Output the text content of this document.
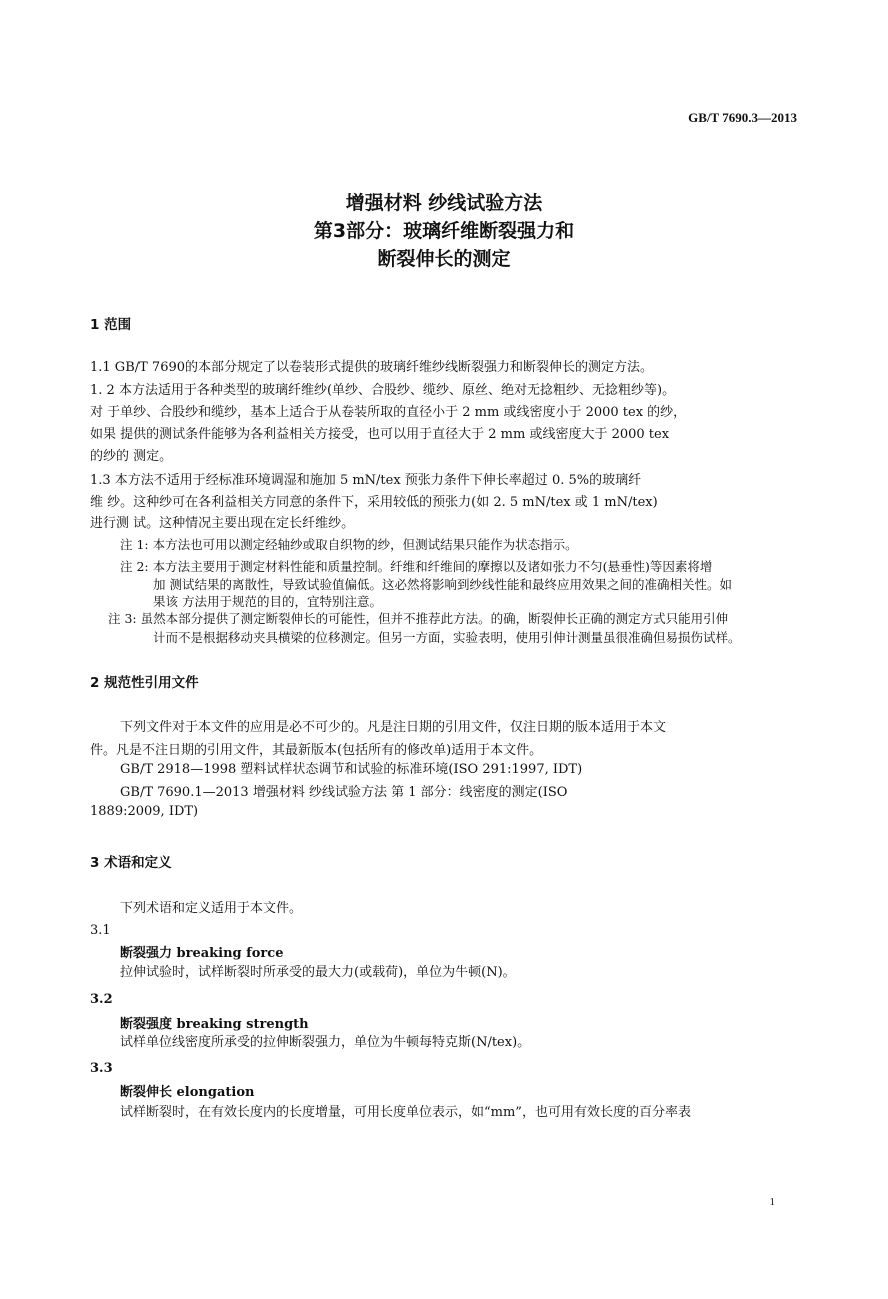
GB/T 7690.3—2013
增强材料 纱线试验方法
第3部分：玻璃纤维断裂强力和
断裂伸长的测定
1 范围
1.1 GB/T 7690的本部分规定了以卷装形式提供的玻璃纤维纱线断裂强力和断裂伸长的测定方法。
1. 2 本方法适用于各种类型的玻璃纤维纱(单纱、合股纱、缆纱、原丝、绝对无捻粗纱、无捻粗纱等)。
对 于单纱、合股纱和缆纱，基本上适合于从卷装所取的直径小于 2 mm 或线密度小于 2000 tex 的纱，
如果 提供的测试条件能够为各利益相关方接受，也可以用于直径大于 2 mm 或线密度大于 2000 tex
的纱的 测定。
1.3 本方法不适用于经标准环境调湿和施加 5 mN/tex 预张力条件下伸长率超过 0. 5%的玻璃纤
维 纱。这种纱可在各利益相关方同意的条件下，采用较低的预张力(如 2. 5 mN/tex 或 1 mN/tex)
进行测 试。这种情况主要出现在定长纤维纱。
注 1: 本方法也可用以测定经轴纱或取自织物的纱，但测试结果只能作为状态指示。
注 2: 本方法主要用于测定材料性能和质量控制。纤维和纤维间的摩擦以及诸如张力不匀(悬垂性)等因素将增
加 测试结果的离散性，导致试验值偏低。这必然将影响到纱线性能和最终应用效果之间的准确相关性。如
果该 方法用于规范的目的，宜特别注意。
注 3: 虽然本部分提供了测定断裂伸长的可能性，但并不推荐此方法。的确，断裂伸长正确的测定方式只能用引伸
计而不是根据移动夹具横梁的位移测定。但另一方面，实验表明，使用引伸计测量虽很准确但易损伤试样。
2 规范性引用文件
下列文件对于本文件的应用是必不可少的。凡是注日期的引用文件，仅注日期的版本适用于本文
件。凡是不注日期的引用文件，其最新版本(包括所有的修改单)适用于本文件。
GB/T 2918—1998 塑料试样状态调节和试验的标准环境(ISO 291:1997, IDT)
GB/T 7690.1—2013 增强材料 纱线试验方法 第 1 部分：线密度的测定(ISO
1889:2009, IDT)
3 术语和定义
下列术语和定义适用于本文件。
3.1
断裂强力 breaking force
拉伸试验时，试样断裂时所承受的最大力(或载荷)，单位为牛顿(N)。
3.2
断裂强度 breaking strength
试样单位线密度所承受的拉伸断裂强力，单位为牛顿每特克斯(N/tex)。
3.3
断裂伸长 elongation
试样断裂时，在有效长度内的长度增量，可用长度单位表示，如“mm”，也可用有效长度的百分率表
1
